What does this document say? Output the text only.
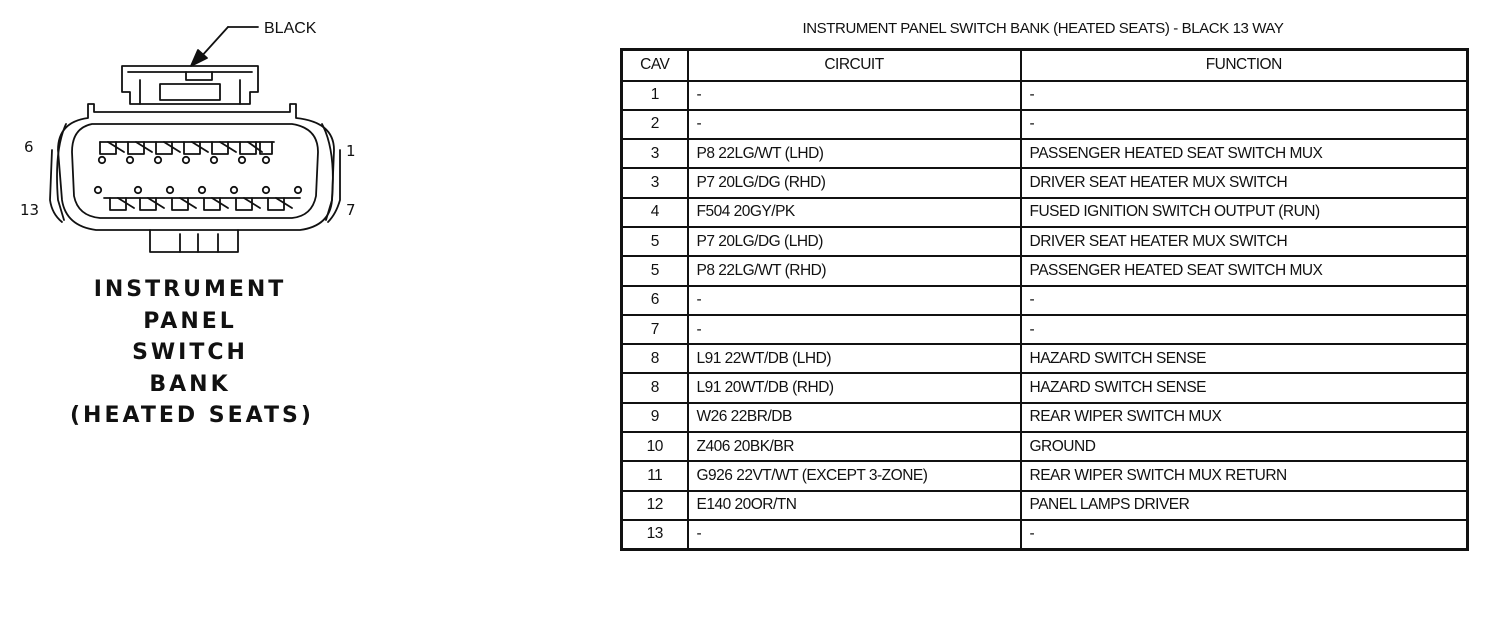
BLACK
6	1
13	7
INSTRUMENT
PANEL
SWITCH
BANK
(HEATED SEATS)
INSTRUMENT PANEL SWITCH BANK (HEATED SEATS) - BLACK 13 WAY
CAV	CIRCUIT	FUNCTION
1	-	-
2	-	-
3	P8 22LG/WT (LHD)	PASSENGER HEATED SEAT SWITCH MUX
3	P7 20LG/DG (RHD)	DRIVER SEAT HEATER MUX SWITCH
4	F504 20GY/PK	FUSED IGNITION SWITCH OUTPUT (RUN)
5	P7 20LG/DG (LHD)	DRIVER SEAT HEATER MUX SWITCH
5	P8 22LG/WT (RHD)	PASSENGER HEATED SEAT SWITCH MUX
6	-	-
7	-	-
8	L91 22WT/DB (LHD)	HAZARD SWITCH SENSE
8	L91 20WT/DB (RHD)	HAZARD SWITCH SENSE
9	W26 22BR/DB	REAR WIPER SWITCH MUX
10	Z406 20BK/BR	GROUND
11	G926 22VT/WT (EXCEPT 3-ZONE)	REAR WIPER SWITCH MUX RETURN
12	E140 20OR/TN	PANEL LAMPS DRIVER
13	-	-
